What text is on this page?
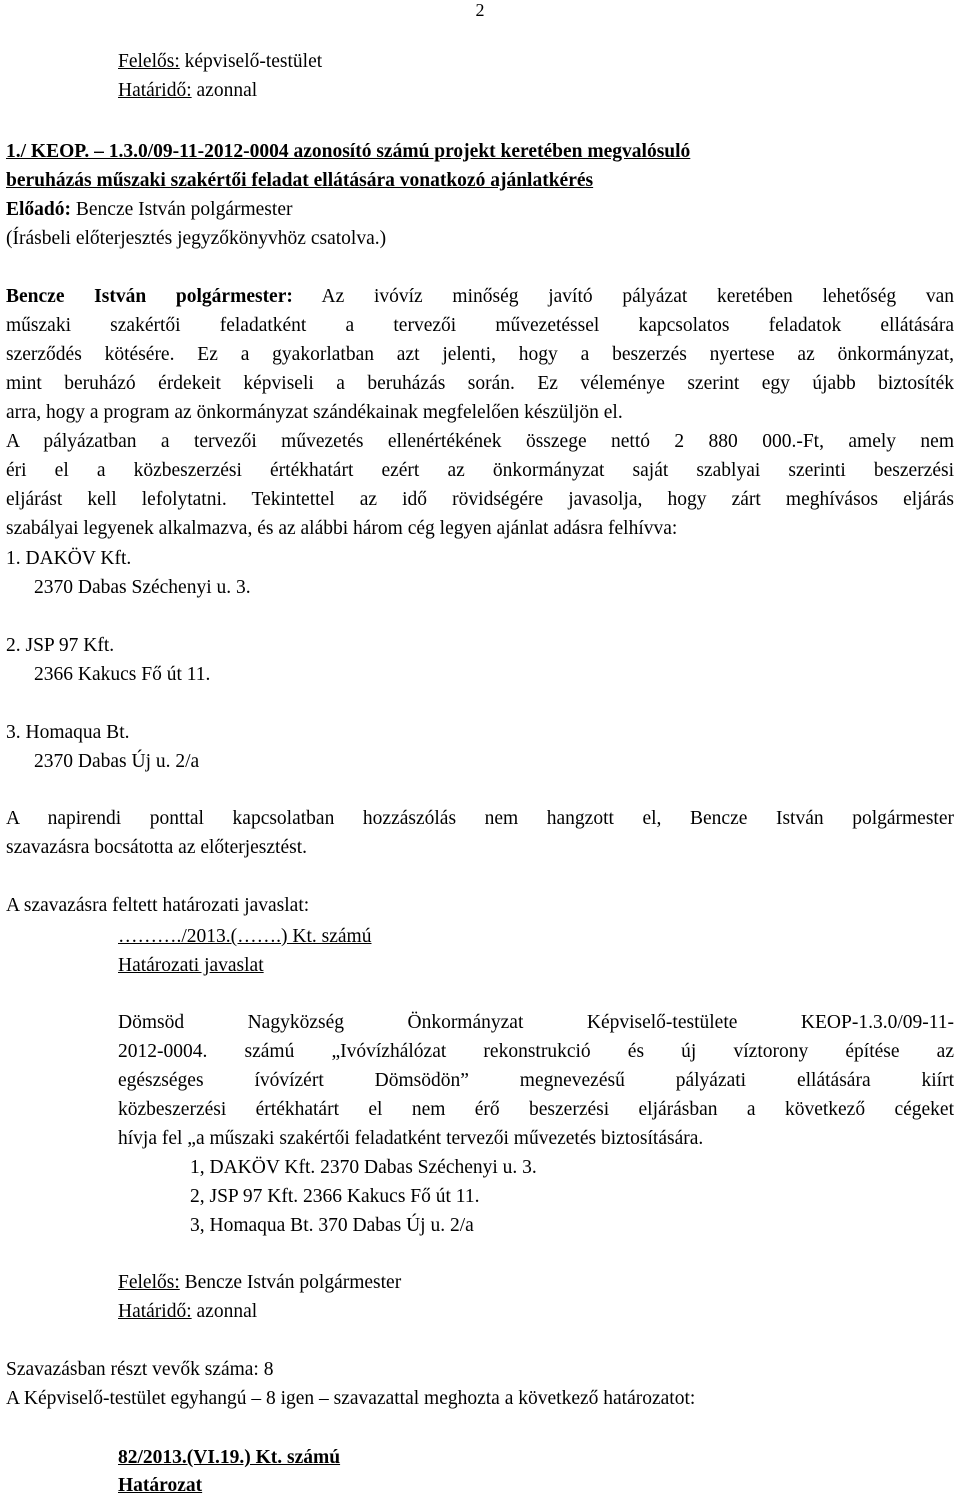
2
Felelős: képviselő-testület
Határidő: azonnal
1./ KEOP. – 1.3.0/09-11-2012-0004 azonosító számú projekt keretében megvalósuló
beruházás műszaki szakértői feladat ellátására vonatkozó ajánlatkérés
Előadó: Bencze István polgármester
(Írásbeli előterjesztés jegyzőkönyvhöz csatolva.)
Bencze István polgármester: Az ivóvíz minőség javító pályázat keretében lehetőség van
műszaki szakértői feladatként a tervezői művezetéssel kapcsolatos feladatok ellátására
szerződés kötésére. Ez a gyakorlatban azt jelenti, hogy a beszerzés nyertese az önkormányzat,
mint beruházó érdekeit képviseli a beruházás során. Ez véleménye szerint egy újabb biztosíték
arra, hogy a program az önkormányzat szándékainak megfelelően készüljön el.
A pályázatban a tervezői művezetés ellenértékének összege nettó 2 880 000.-Ft, amely nem
éri el a közbeszerzési értékhatárt ezért az önkormányzat saját szablyai szerinti beszerzési
eljárást kell lefolytatni. Tekintettel az idő rövidségére javasolja, hogy zárt meghívásos eljárás
szabályai legyenek alkalmazva, és az alábbi három cég legyen ajánlat adásra felhívva:
1. DAKÖV Kft.
2370 Dabas Széchenyi u. 3.
2. JSP 97 Kft.
2366 Kakucs Fő út 11.
3. Homaqua Bt.
2370 Dabas Új u. 2/a
A napirendi ponttal kapcsolatban hozzászólás nem hangzott el, Bencze István polgármester
szavazásra bocsátotta az előterjesztést.
A szavazásra feltett határozati javaslat:
………./2013.(…….) Kt. számú
Határozati javaslat
Dömsöd Nagyközség Önkormányzat Képviselő-testülete KEOP-1.3.0/09-11-
2012-0004. számú „Ivóvízhálózat rekonstrukció és új víztorony építése az
egészséges ívóvízért Dömsödön” megnevezésű pályázati ellátására kiírt
közbeszerzési értékhatárt el nem érő beszerzési eljárásban a következő cégeket
hívja fel „a műszaki szakértői feladatként tervezői művezetés biztosítására.
1, DAKÖV Kft. 2370 Dabas Széchenyi u. 3.
2, JSP 97 Kft. 2366 Kakucs Fő út 11.
3, Homaqua Bt. 370 Dabas Új u. 2/a
Felelős: Bencze István polgármester
Határidő: azonnal
Szavazásban részt vevők száma: 8
A Képviselő-testület egyhangú – 8 igen – szavazattal meghozta a következő határozatot:
82/2013.(VI.19.) Kt. számú
Határozat
